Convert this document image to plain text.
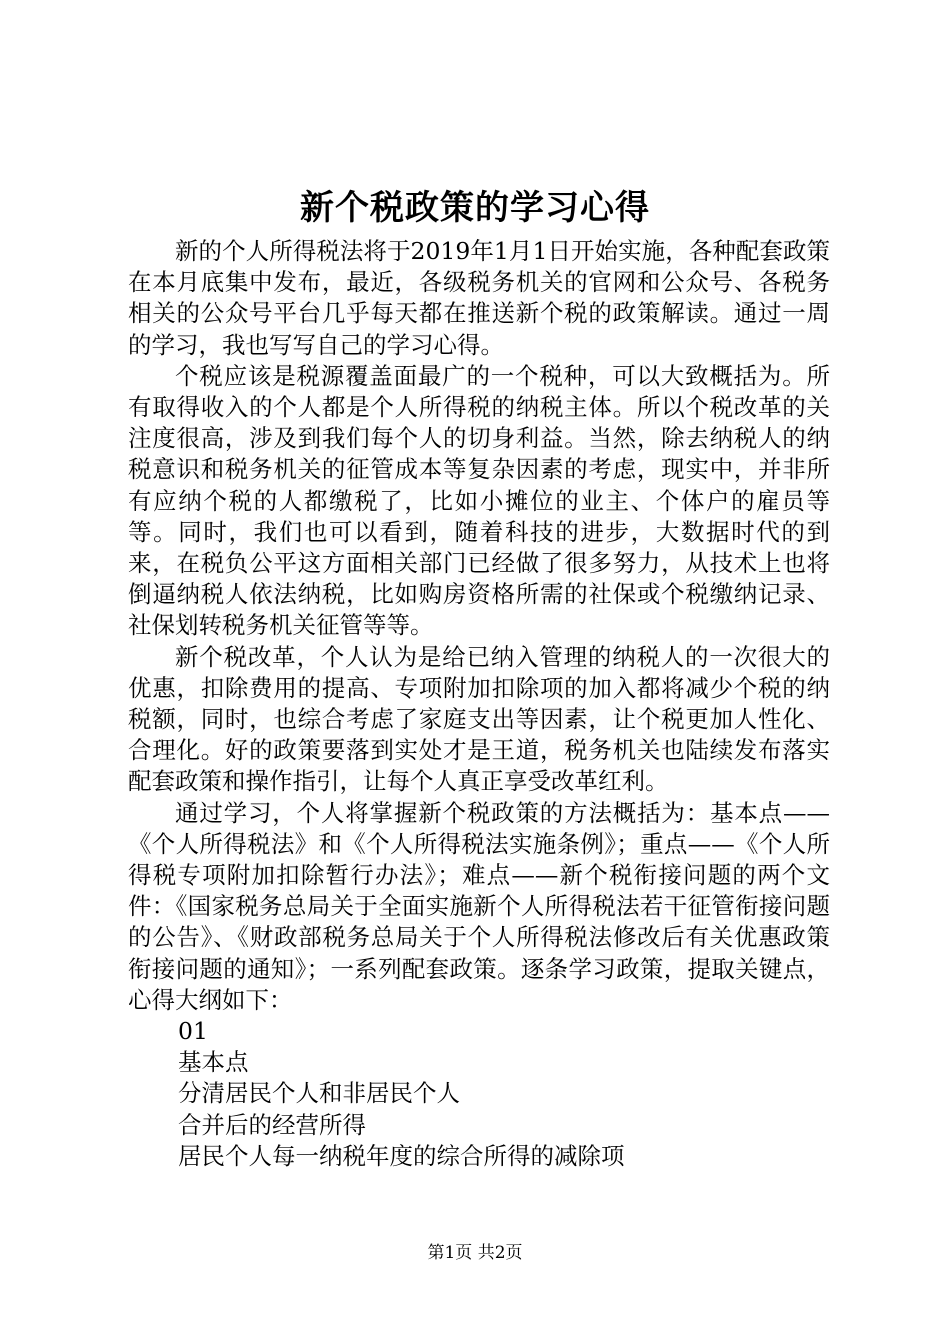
新个税政策的学习心得

新的个人所得税法将于2019年1月1日开始实施，各种配套政策在本月底集中发布，最近，各级税务机关的官网和公众号、各税务相关的公众号平台几乎每天都在推送新个税的政策解读。通过一周的学习，我也写写自己的学习心得。

个税应该是税源覆盖面最广的一个税种，可以大致概括为。所有取得收入的个人都是个人所得税的纳税主体。所以个税改革的关注度很高，涉及到我们每个人的切身利益。当然，除去纳税人的纳税意识和税务机关的征管成本等复杂因素的考虑，现实中，并非所有应纳个税的人都缴税了，比如小摊位的业主、个体户的雇员等等。同时，我们也可以看到，随着科技的进步，大数据时代的到来，在税负公平这方面相关部门已经做了很多努力，从技术上也将倒逼纳税人依法纳税，比如购房资格所需的社保或个税缴纳记录、社保划转税务机关征管等等。

新个税改革，个人认为是给已纳入管理的纳税人的一次很大的优惠，扣除费用的提高、专项附加扣除项的加入都将减少个税的纳税额，同时，也综合考虑了家庭支出等因素，让个税更加人性化、合理化。好的政策要落到实处才是王道，税务机关也陆续发布落实配套政策和操作指引，让每个人真正享受改革红利。

通过学习，个人将掌握新个税政策的方法概括为：基本点——《个人所得税法》和《个人所得税法实施条例》；重点——《个人所得税专项附加扣除暂行办法》；难点——新个税衔接问题的两个文件：《国家税务总局关于全面实施新个人所得税法若干征管衔接问题的公告》、《财政部税务总局关于个人所得税法修改后有关优惠政策衔接问题的通知》；一系列配套政策。逐条学习政策，提取关键点，心得大纲如下：

01

基本点

分清居民个人和非居民个人

合并后的经营所得

居民个人每一纳税年度的综合所得的减除项

第1页 共2页
